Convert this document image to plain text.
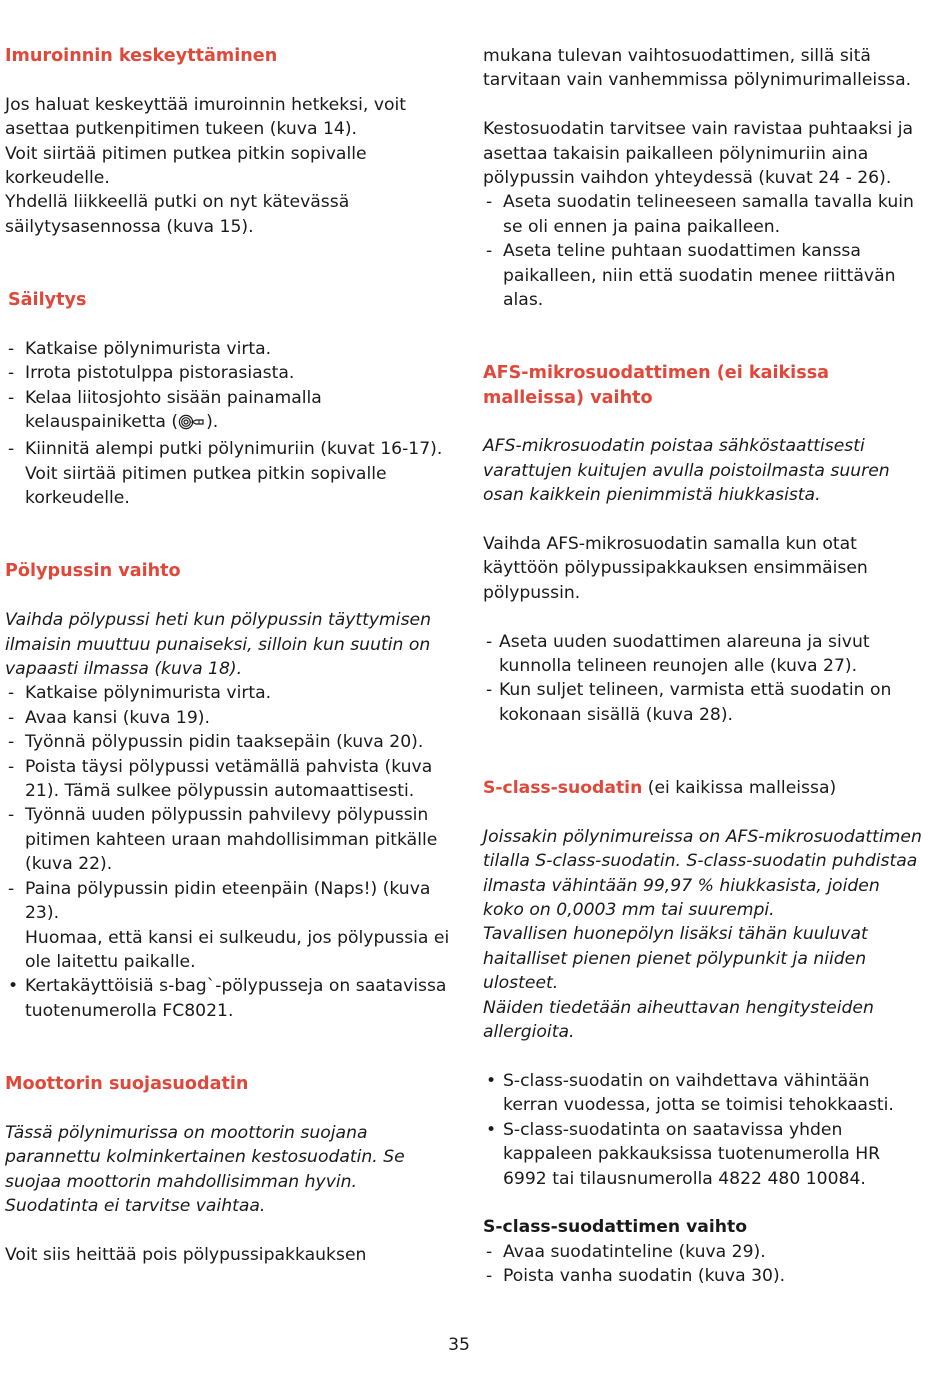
Imuroinnin keskeyttäminen

Jos haluat keskeyttää imuroinnin hetkeksi, voit asettaa putkenpitimen tukeen (kuva 14).

Voit siirtää pitimen putkea pitkin sopivalle korkeudelle.

Yhdellä liikkeellä putki on nyt kätevässä säilytysasennossa (kuva 15).

Säilytys
- Katkaise pölynimurista virta.
- Irrota pistotulppa pistorasiasta.
- Kelaa liitosjohto sisään painamalla kelauspainiketta ( ).
- Kiinnitä alempi putki pölynimuriin (kuvat 16-17). Voit siirtää pitimen putkea pitkin sopivalle korkeudelle.
Pölypussin vaihto

Vaihda pölypussi heti kun pölypussin täyttymisen ilmaisin muuttuu punaiseksi, silloin kun suutin on vapaasti ilmassa (kuva 18).

- Katkaise pölynimurista virta.
- Avaa kansi (kuva 19).
- Työnnä pölypussin pidin taaksepäin (kuva 20).
- Poista täysi pölypussi vetämällä pahvista (kuva 21). Tämä sulkee pölypussin automaattisesti.
- Työnnä uuden pölypussin pahvilevy pölypussin pitimen kahteen uraan mahdollisimman pitkälle (kuva 22).
- Paina pölypussin pidin eteenpäin (Naps!) (kuva 23).
Huomaa, että kansi ei sulkeudu, jos pölypussia ei ole laitettu paikalle.
• Kertakäyttöisiä s-bag`-pölypusseja on saatavissa tuotenumerolla FC8021.
Moottorin suojasuodatin

Tässä pölynimurissa on moottorin suojana parannettu kolminkertainen kestosuodatin. Se suojaa moottorin mahdollisimman hyvin. Suodatinta ei tarvitse vaihtaa.

Voit siis heittää pois pölypussipakkauksen

mukana tulevan vaihtosuodattimen, sillä sitä tarvitaan vain vanhemmissa pölynimurimalleissa.

Kestosuodatin tarvitsee vain ravistaa puhtaaksi ja asettaa takaisin paikalleen pölynimuriin aina pölypussin vaihdon yhteydessä (kuvat 24 - 26).

- Aseta suodatin telineeseen samalla tavalla kuin se oli ennen ja paina paikalleen.
- Aseta teline puhtaan suodattimen kanssa paikalleen, niin että suodatin menee riittävän alas.
AFS-mikrosuodattimen (ei kaikissa malleissa) vaihto

AFS-mikrosuodatin poistaa sähköstaattisesti varattujen kuitujen avulla poistoilmasta suuren osan kaikkein pienimmistä hiukkasista.

Vaihda AFS-mikrosuodatin samalla kun otat käyttöön pölypussipakkauksen ensimmäisen pölypussin.

- Aseta uuden suodattimen alareuna ja sivut kunnolla telineen reunojen alle (kuva 27).
- Kun suljet telineen, varmista että suodatin on kokonaan sisällä (kuva 28).

S-class-suodatin (ei kaikissa malleissa)

Joissakin pölynimureissa on AFS-mikrosuodattimen tilalla S-class-suodatin. S-class-suodatin puhdistaa ilmasta vähintään 99,97 % hiukkasista, joiden koko on 0,0003 mm tai suurempi.

Tavallisen huonepölyn lisäksi tähän kuuluvat haitalliset pienen pienet pölypunkit ja niiden ulosteet.

Näiden tiedetään aiheuttavan hengitysteiden allergioita.

• S-class-suodatin on vaihdettava vähintään kerran vuodessa, jotta se toimisi tehokkaasti.
• S-class-suodatinta on saatavissa yhden kappaleen pakkauksissa tuotenumerolla HR 6992 tai tilausnumerolla 4822 480 10084.
S-class-suodattimen vaihto
- Avaa suodatinteline (kuva 29).
- Poista vanha suodatin (kuva 30).
35
